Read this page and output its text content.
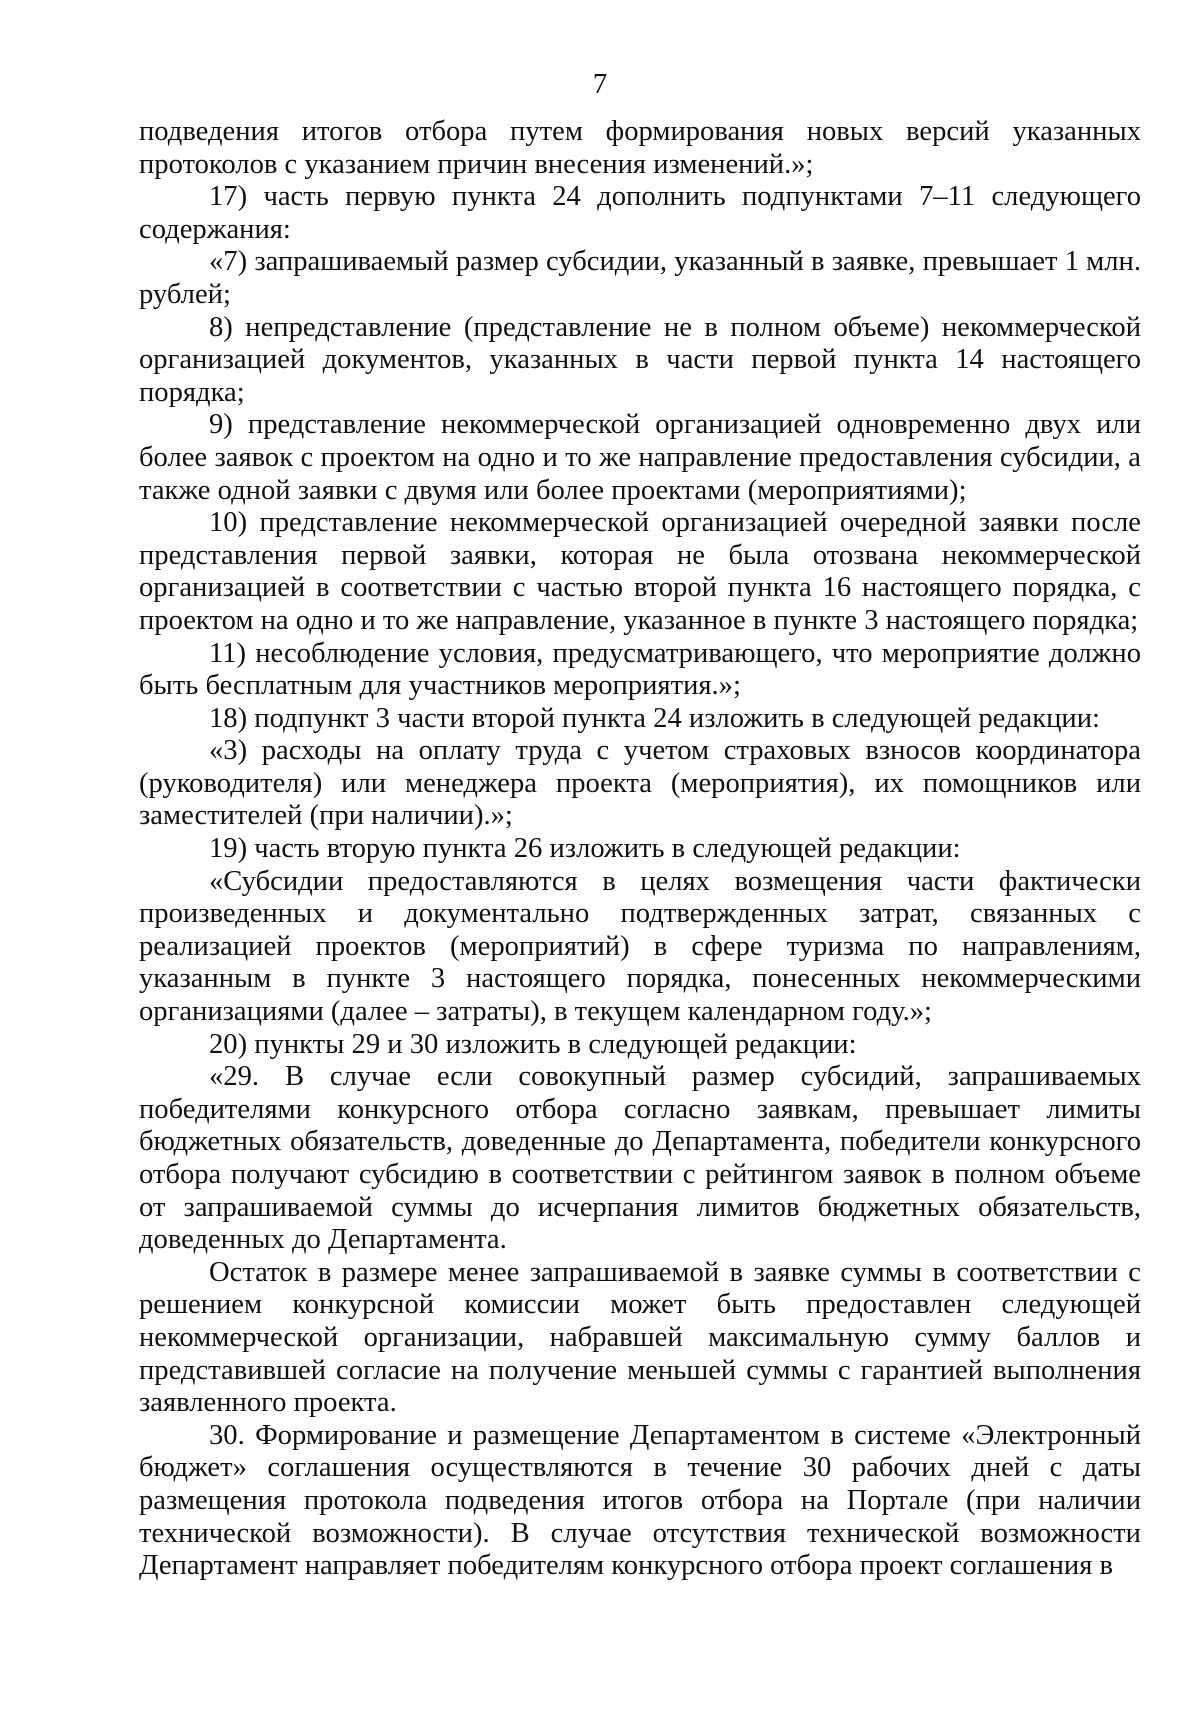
7

подведения итогов отбора путем формирования новых версий указанных протоколов с указанием причин внесения изменений.»;

17) часть первую пункта 24 дополнить подпунктами 7–11 следующего содержания:

«7) запрашиваемый размер субсидии, указанный в заявке, превышает 1 млн. рублей;

8) непредставление (представление не в полном объеме) некоммерческой организацией документов, указанных в части первой пункта 14 настоящего порядка;

9) представление некоммерческой организацией одновременно двух или более заявок с проектом на одно и то же направление предоставления субсидии, а также одной заявки с двумя или более проектами (мероприятиями);

10) представление некоммерческой организацией очередной заявки после представления первой заявки, которая не была отозвана некоммерческой организацией в соответствии с частью второй пункта 16 настоящего порядка, с проектом на одно и то же направление, указанное в пункте 3 настоящего порядка;

11) несоблюдение условия, предусматривающего, что мероприятие должно быть бесплатным для участников мероприятия.»;

18) подпункт 3 части второй пункта 24 изложить в следующей редакции:

«3) расходы на оплату труда с учетом страховых взносов координатора (руководителя) или менеджера проекта (мероприятия), их помощников или заместителей (при наличии).»;

19) часть вторую пункта 26 изложить в следующей редакции:

«Субсидии предоставляются в целях возмещения части фактически произведенных и документально подтвержденных затрат, связанных с реализацией проектов (мероприятий) в сфере туризма по направлениям, указанным в пункте 3 настоящего порядка, понесенных некоммерческими организациями (далее – затраты), в текущем календарном году.»;

20) пункты 29 и 30 изложить в следующей редакции:

«29. В случае если совокупный размер субсидий, запрашиваемых победителями конкурсного отбора согласно заявкам, превышает лимиты бюджетных обязательств, доведенные до Департамента, победители конкурсного отбора получают субсидию в соответствии с рейтингом заявок в полном объеме от запрашиваемой суммы до исчерпания лимитов бюджетных обязательств, доведенных до Департамента.

Остаток в размере менее запрашиваемой в заявке суммы в соответствии с решением конкурсной комиссии может быть предоставлен следующей некоммерческой организации, набравшей максимальную сумму баллов и представившей согласие на получение меньшей суммы с гарантией выполнения заявленного проекта.

30. Формирование и размещение Департаментом в системе «Электронный бюджет» соглашения осуществляются в течение 30 рабочих дней с даты размещения протокола подведения итогов отбора на Портале (при наличии технической возможности). В случае отсутствия технической возможности Департамент направляет победителям конкурсного отбора проект соглашения в
